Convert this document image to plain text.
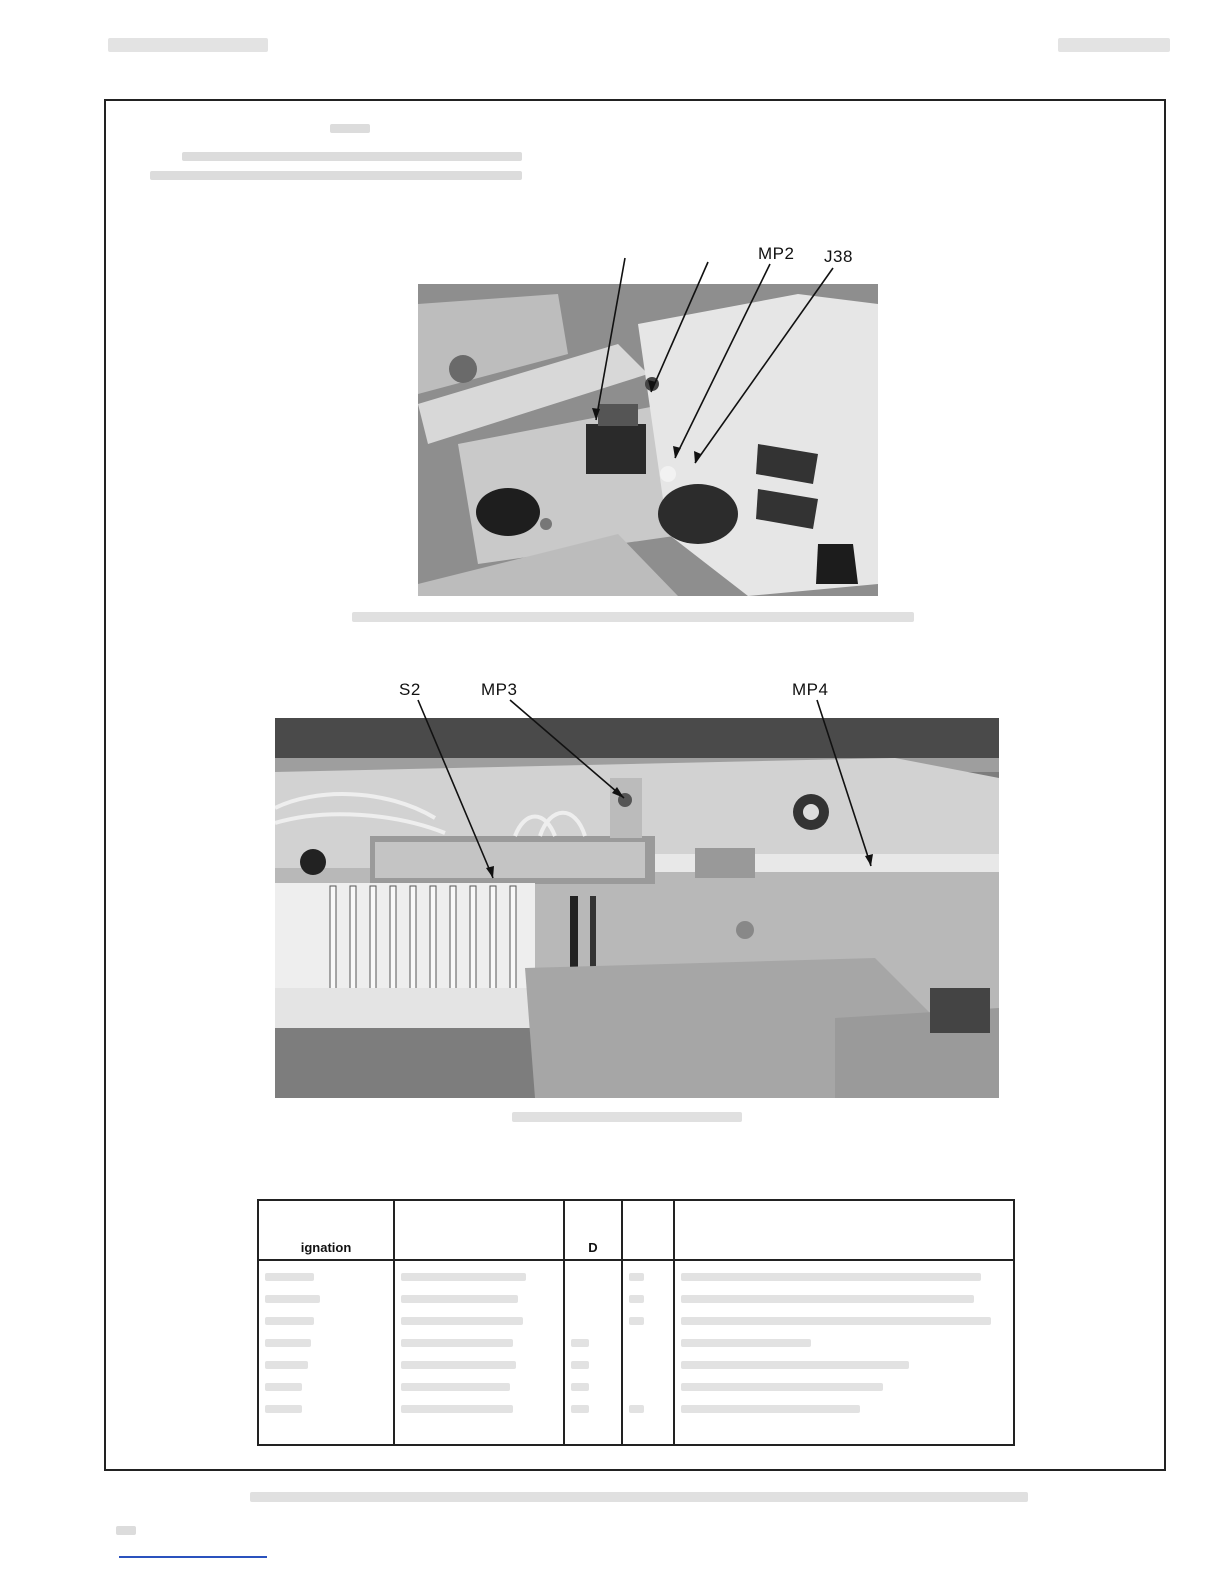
MP2 J38
S2	MP3	MP4
ignation		D		
